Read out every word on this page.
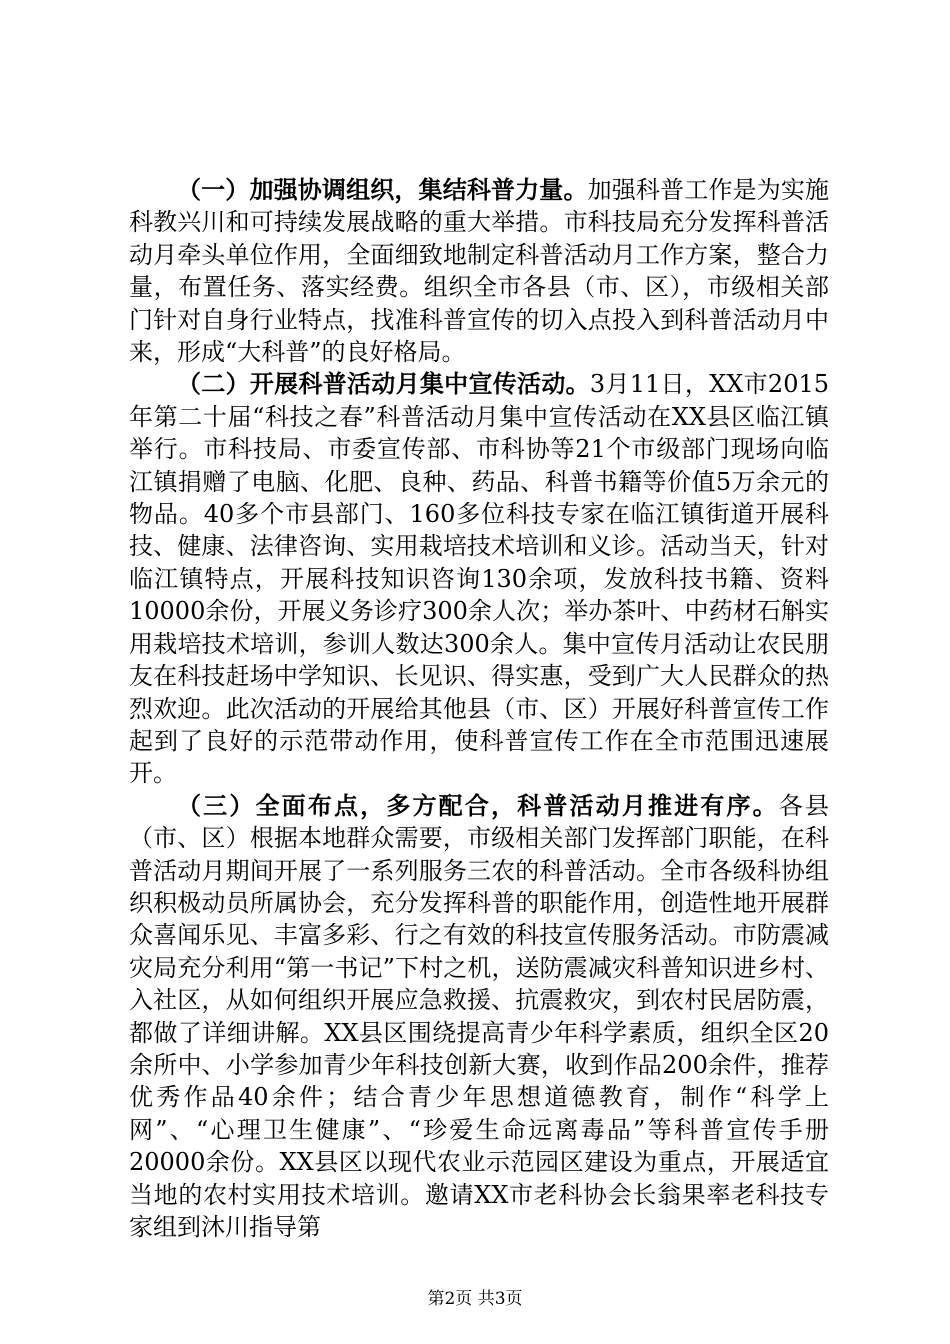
（一）加强协调组织，集结科普力量。加强科普工作是为实施科教兴川和可持续发展战略的重大举措。市科技局充分发挥科普活动月牵头单位作用，全面细致地制定科普活动月工作方案，整合力量，布置任务、落实经费。组织全市各县（市、区），市级相关部门针对自身行业特点，找准科普宣传的切入点投入到科普活动月中来，形成“大科普”的良好格局。

（二）开展科普活动月集中宣传活动。3月11日，XX市2015年第二十届“科技之春”科普活动月集中宣传活动在XX县区临江镇举行。市科技局、市委宣传部、市科协等21个市级部门现场向临江镇捐赠了电脑、化肥、良种、药品、科普书籍等价值5万余元的物品。40多个市县部门、160多位科技专家在临江镇街道开展科技、健康、法律咨询、实用栽培技术培训和义诊。活动当天，针对临江镇特点，开展科技知识咨询130余项，发放科技书籍、资料10000余份，开展义务诊疗300余人次；举办茶叶、中药材石斛实用栽培技术培训，参训人数达300余人。集中宣传月活动让农民朋友在科技赶场中学知识、长见识、得实惠，受到广大人民群众的热烈欢迎。此次活动的开展给其他县（市、区）开展好科普宣传工作起到了良好的示范带动作用，使科普宣传工作在全市范围迅速展开。

（三）全面布点，多方配合，科普活动月推进有序。各县（市、区）根据本地群众需要，市级相关部门发挥部门职能，在科普活动月期间开展了一系列服务三农的科普活动。全市各级科协组织积极动员所属协会，充分发挥科普的职能作用，创造性地开展群众喜闻乐见、丰富多彩、行之有效的科技宣传服务活动。市防震减灾局充分利用“第一书记”下村之机，送防震减灾科普知识进乡村、入社区，从如何组织开展应急救援、抗震救灾，到农村民居防震，都做了详细讲解。XX县区围绕提高青少年科学素质，组织全区20余所中、小学参加青少年科技创新大赛，收到作品200余件，推荐优秀作品40余件；结合青少年思想道德教育，制作“科学上网”、“心理卫生健康”、“珍爱生命远离毒品”等科普宣传手册20000余份。XX县区以现代农业示范园区建设为重点，开展适宜当地的农村实用技术培训。邀请XX市老科协会长翁果率老科技专家组到沐川指导第

第2页 共3页
